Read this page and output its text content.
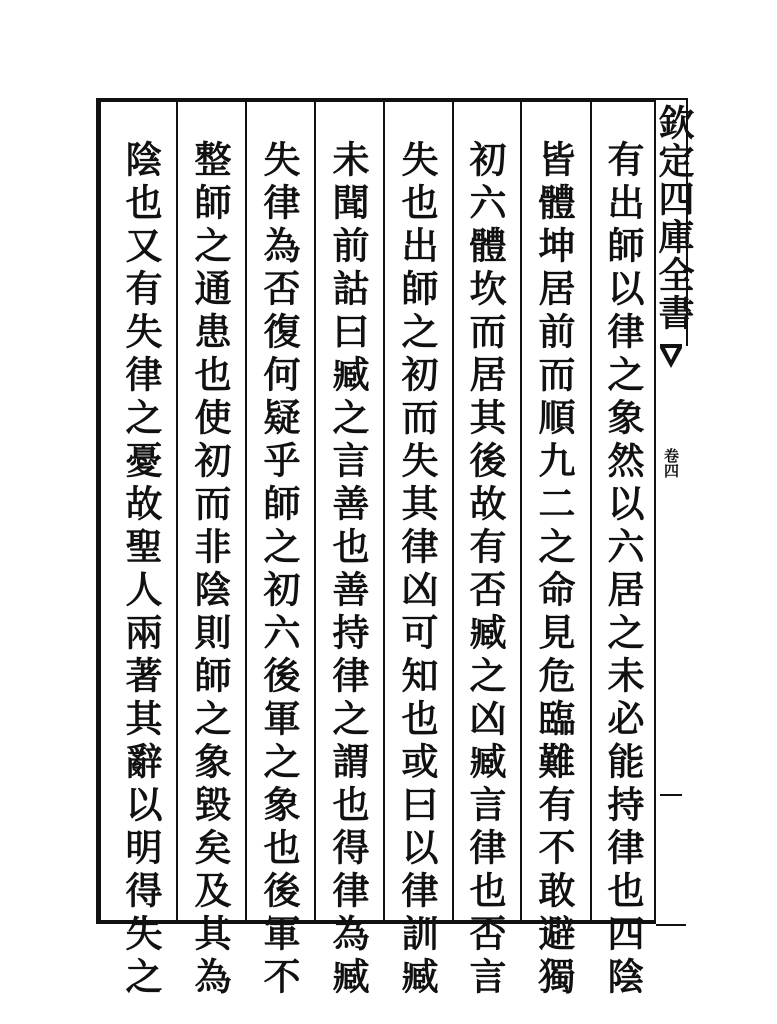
有出師以律之象然以六居之未必能持律也四陰
皆體坤居前而順九二之命見危臨難有不敢避獨
初六體坎而居其後故有否臧之凶臧言律也否言
失也出師之初而失其律凶可知也或曰以律訓臧
未聞前詁曰臧之言善也善持律之謂也得律為臧
失律為否復何疑乎師之初六後軍之象也後軍不
整師之通患也使初而非陰則師之象毀矣及其為
陰也又有失律之憂故聖人兩著其辭以明得失之	欽定四庫全書
卷四
